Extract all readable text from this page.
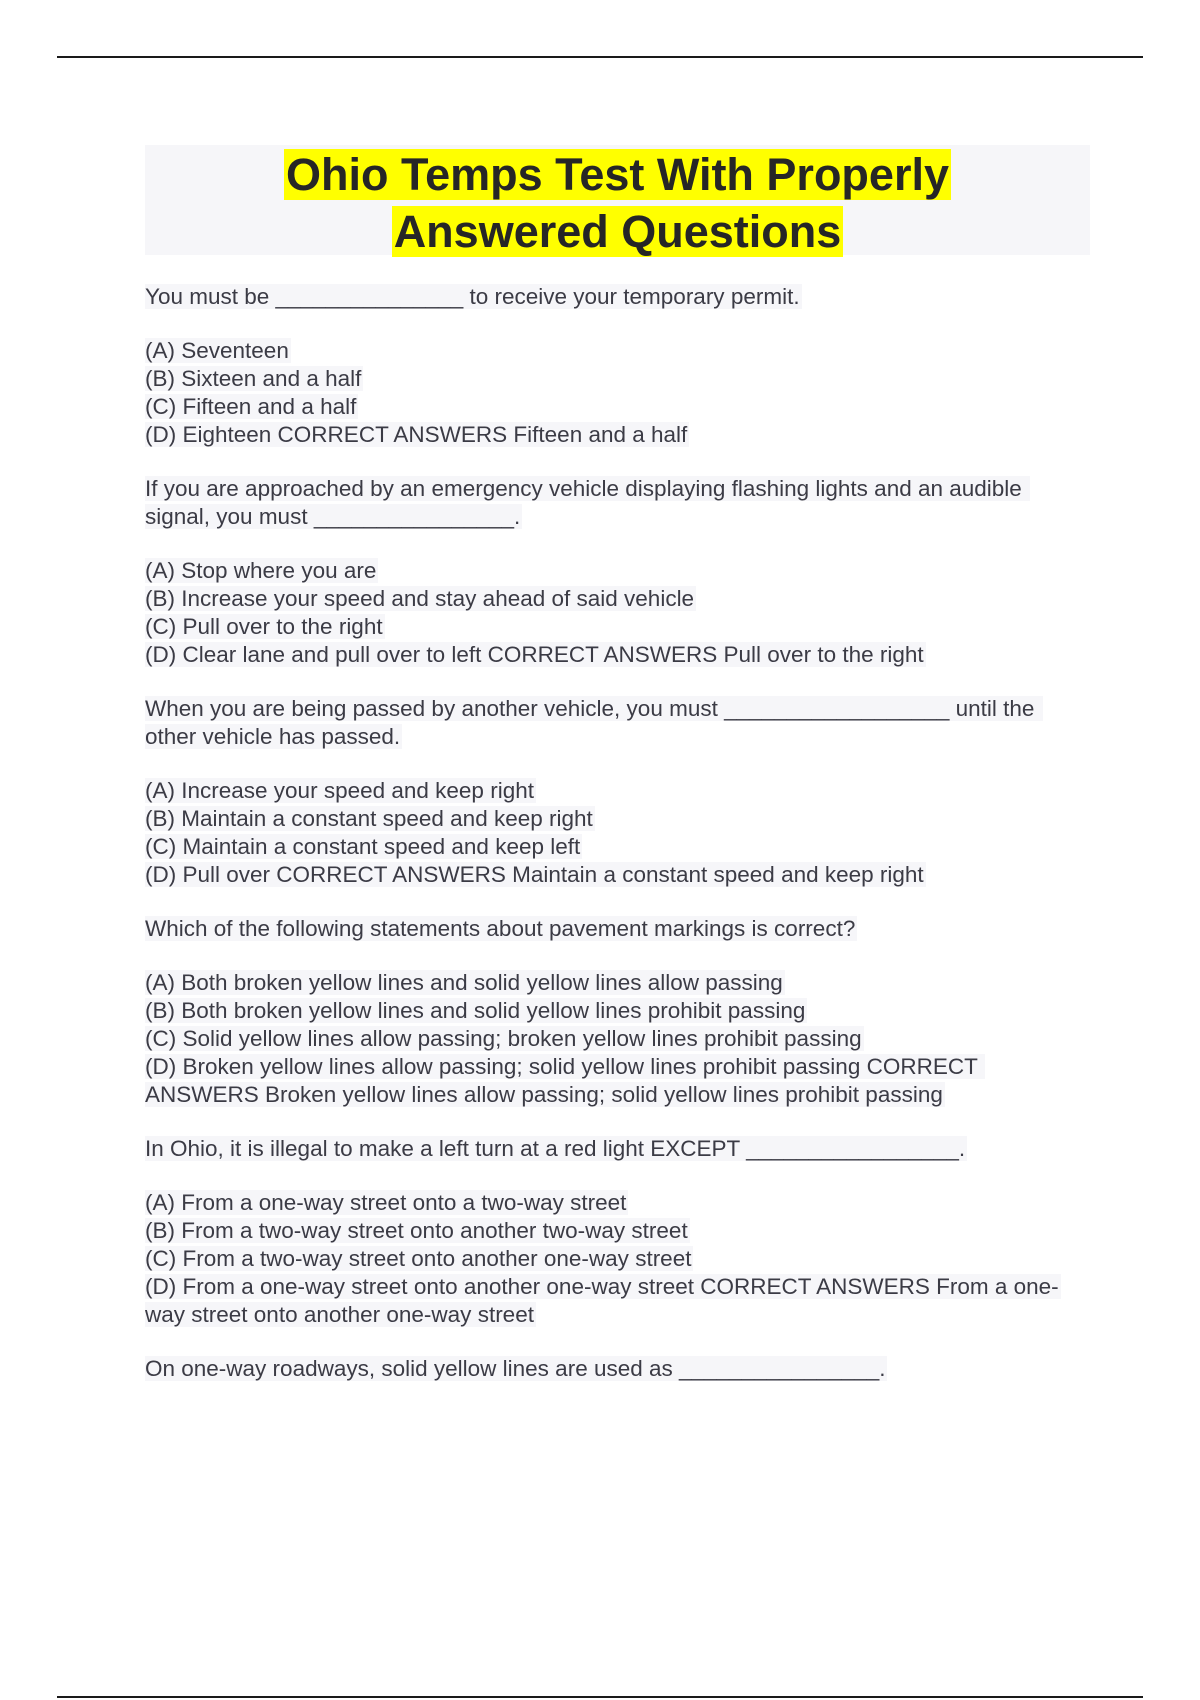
Ohio Temps Test With Properly
Answered Questions
You must be _______________ to receive your temporary permit.
(A) Seventeen
(B) Sixteen and a half
(C) Fifteen and a half
(D) Eighteen CORRECT ANSWERS Fifteen and a half
If you are approached by an emergency vehicle displaying flashing lights and an audible signal, you must ________________.
(A) Stop where you are
(B) Increase your speed and stay ahead of said vehicle
(C) Pull over to the right
(D) Clear lane and pull over to left CORRECT ANSWERS Pull over to the right
When you are being passed by another vehicle, you must __________________ until the other vehicle has passed.
(A) Increase your speed and keep right
(B) Maintain a constant speed and keep right
(C) Maintain a constant speed and keep left
(D) Pull over CORRECT ANSWERS Maintain a constant speed and keep right
Which of the following statements about pavement markings is correct?
(A) Both broken yellow lines and solid yellow lines allow passing
(B) Both broken yellow lines and solid yellow lines prohibit passing
(C) Solid yellow lines allow passing; broken yellow lines prohibit passing
(D) Broken yellow lines allow passing; solid yellow lines prohibit passing CORRECT ANSWERS Broken yellow lines allow passing; solid yellow lines prohibit passing
In Ohio, it is illegal to make a left turn at a red light EXCEPT _________________.
(A) From a one-way street onto a two-way street
(B) From a two-way street onto another two-way street
(C) From a two-way street onto another one-way street
(D) From a one-way street onto another one-way street CORRECT ANSWERS From a one-way street onto another one-way street
On one-way roadways, solid yellow lines are used as ________________.
